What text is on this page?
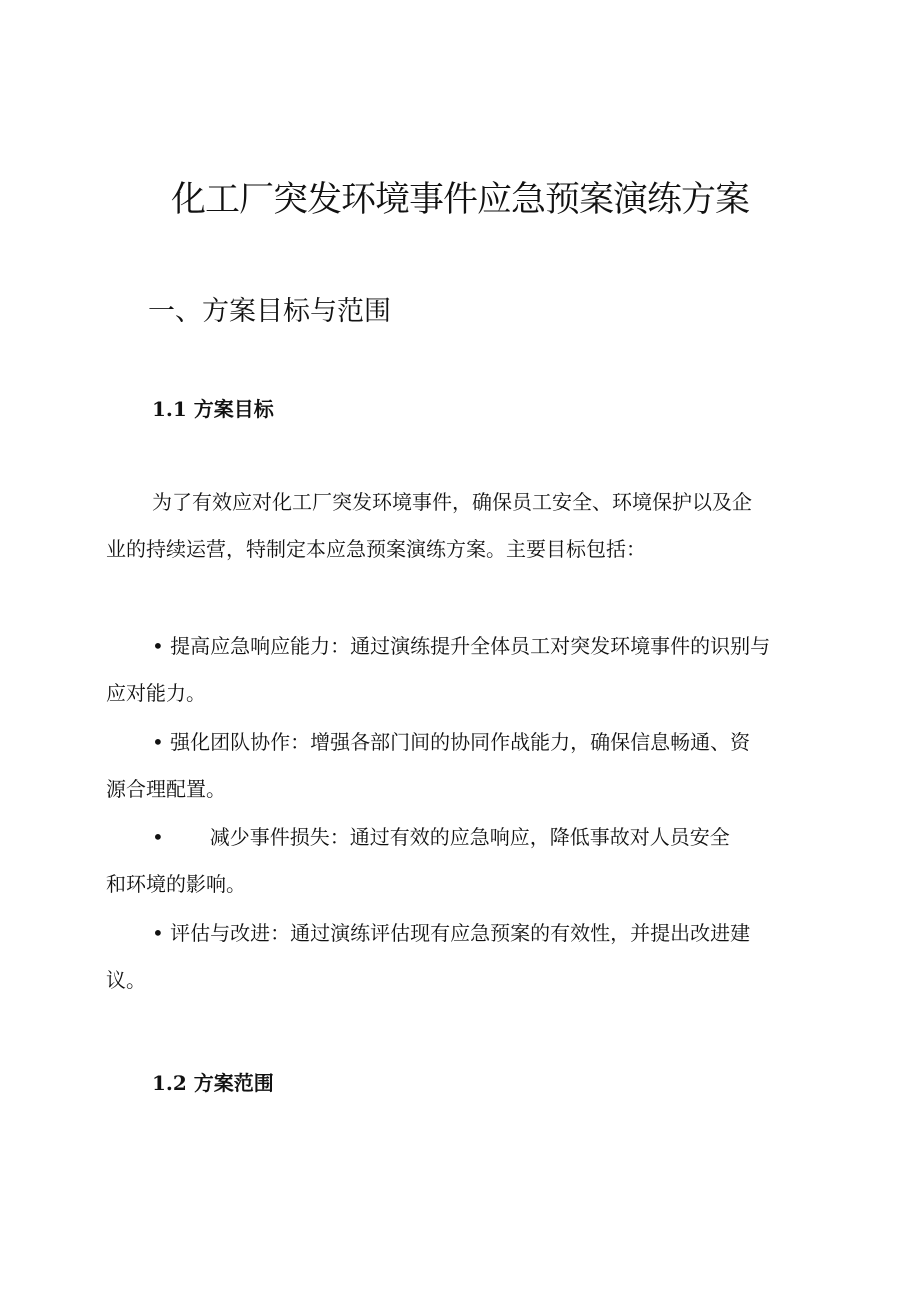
化工厂突发环境事件应急预案演练方案
一、方案目标与范围
1.1 方案目标

为了有效应对化工厂突发环境事件，确保员工安全、环境保护以及企
业的持续运营，特制定本应急预案演练方案。主要目标包括：

• 提高应急响应能力：通过演练提升全体员工对突发环境事件的识别与
应对能力。

• 强化团队协作：增强各部门间的协同作战能力，确保信息畅通、资
源合理配置。

• 减少事件损失：通过有效的应急响应，降低事故对人员安全
和环境的影响。

• 评估与改进：通过演练评估现有应急预案的有效性，并提出改进建
议。

1.2 方案范围
